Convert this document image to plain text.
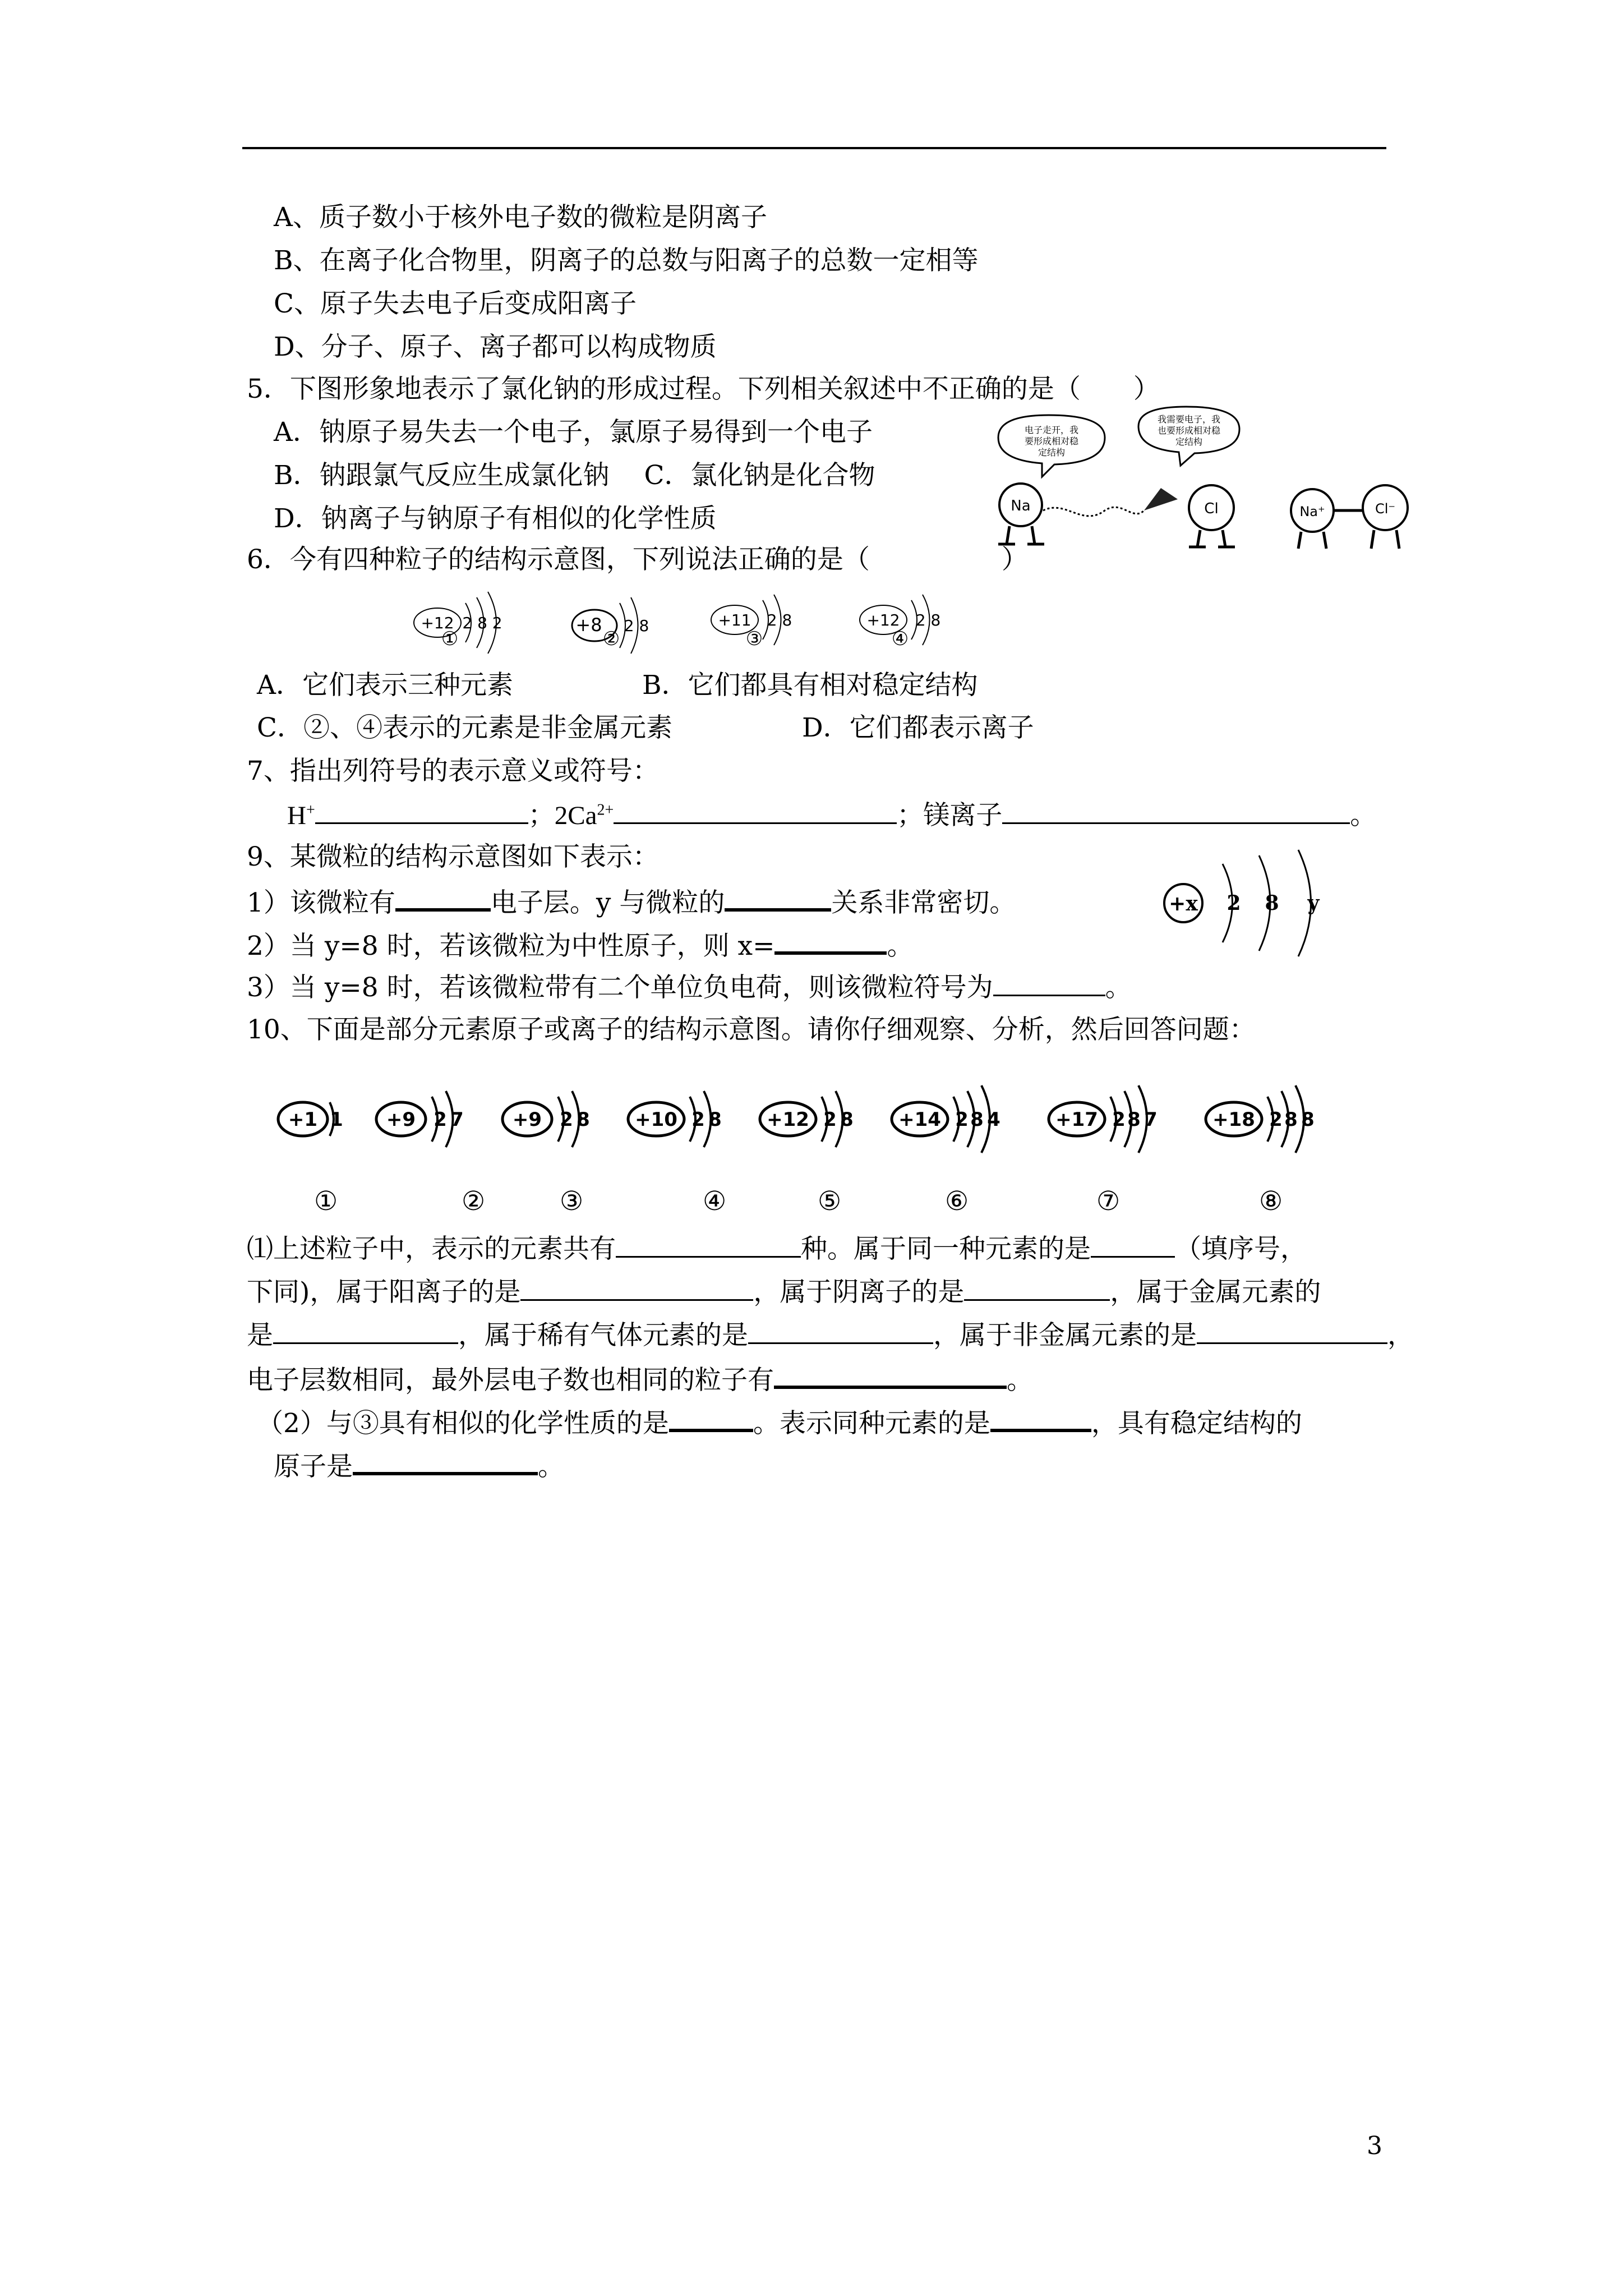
A、质子数小于核外电子数的微粒是阴离子
B、在离子化合物里，阴离子的总数与阳离子的总数一定相等
C、原子失去电子后变成阳离子
D、分子、原子、离子都可以构成物质
5．下图形象地表示了氯化钠的形成过程。下列相关叙述中不正确的是（　　）
A．钠原子易失去一个电子，氯原子易得到一个电子
B．钠跟氯气反应生成氯化钠　 C．氯化钠是化合物
D．钠离子与钠原子有相似的化学性质
电子走开，我
要形成相对稳
定结构
我需要电子，我
也要形成相对稳
定结构
Na	Cl	Na⁺	Cl⁻
6．今有四种粒子的结构示意图，下列说法正确的是（　　　　　）
+12 2 8 2
①
+8 2 8
②
+11 2 8
③
+12 2 8
④
A．它们表示三种元素	B．它们都具有相对稳定结构
C．②、④表示的元素是非金属元素	D．它们都表示离子
7、指出列符号的表示意义或符号：
H+	；$2Ca^{2+}$	；镁离子	。
9、某微粒的结构示意图如下表示：
1）该微粒有	电子层。y 与微粒的	关系非常密切。
2）当 y=8 时，若该微粒为中性原子，则 x=	。
3）当 y=8 时，若该微粒带有二个单位负电荷，则该微粒符号为	。
+x 2 8 y
10、下面是部分元素原子或离子的结构示意图。请你仔细观察、分析，然后回答问题：
+1 1 +9 2 7	+9 2 8 +10 2 8 +12 2 8 +14 2 8 4	+17 2 8 7	+18 2 8 8
①	②	③	④	⑤	⑥	⑦	⑧
⑴上述粒子中，表示的元素共有	种。属于同一种元素的是	（填序号，
下同)，属于阳离子的是	，属于阴离子的是	，属于金属元素的
是	，属于稀有气体元素的是	，属于非金属元素的是	，
电子层数相同，最外层电子数也相同的粒子有	。
（2）与③具有相似的化学性质的是	。表示同种元素的是	，具有稳定结构的
原子是	。
3
